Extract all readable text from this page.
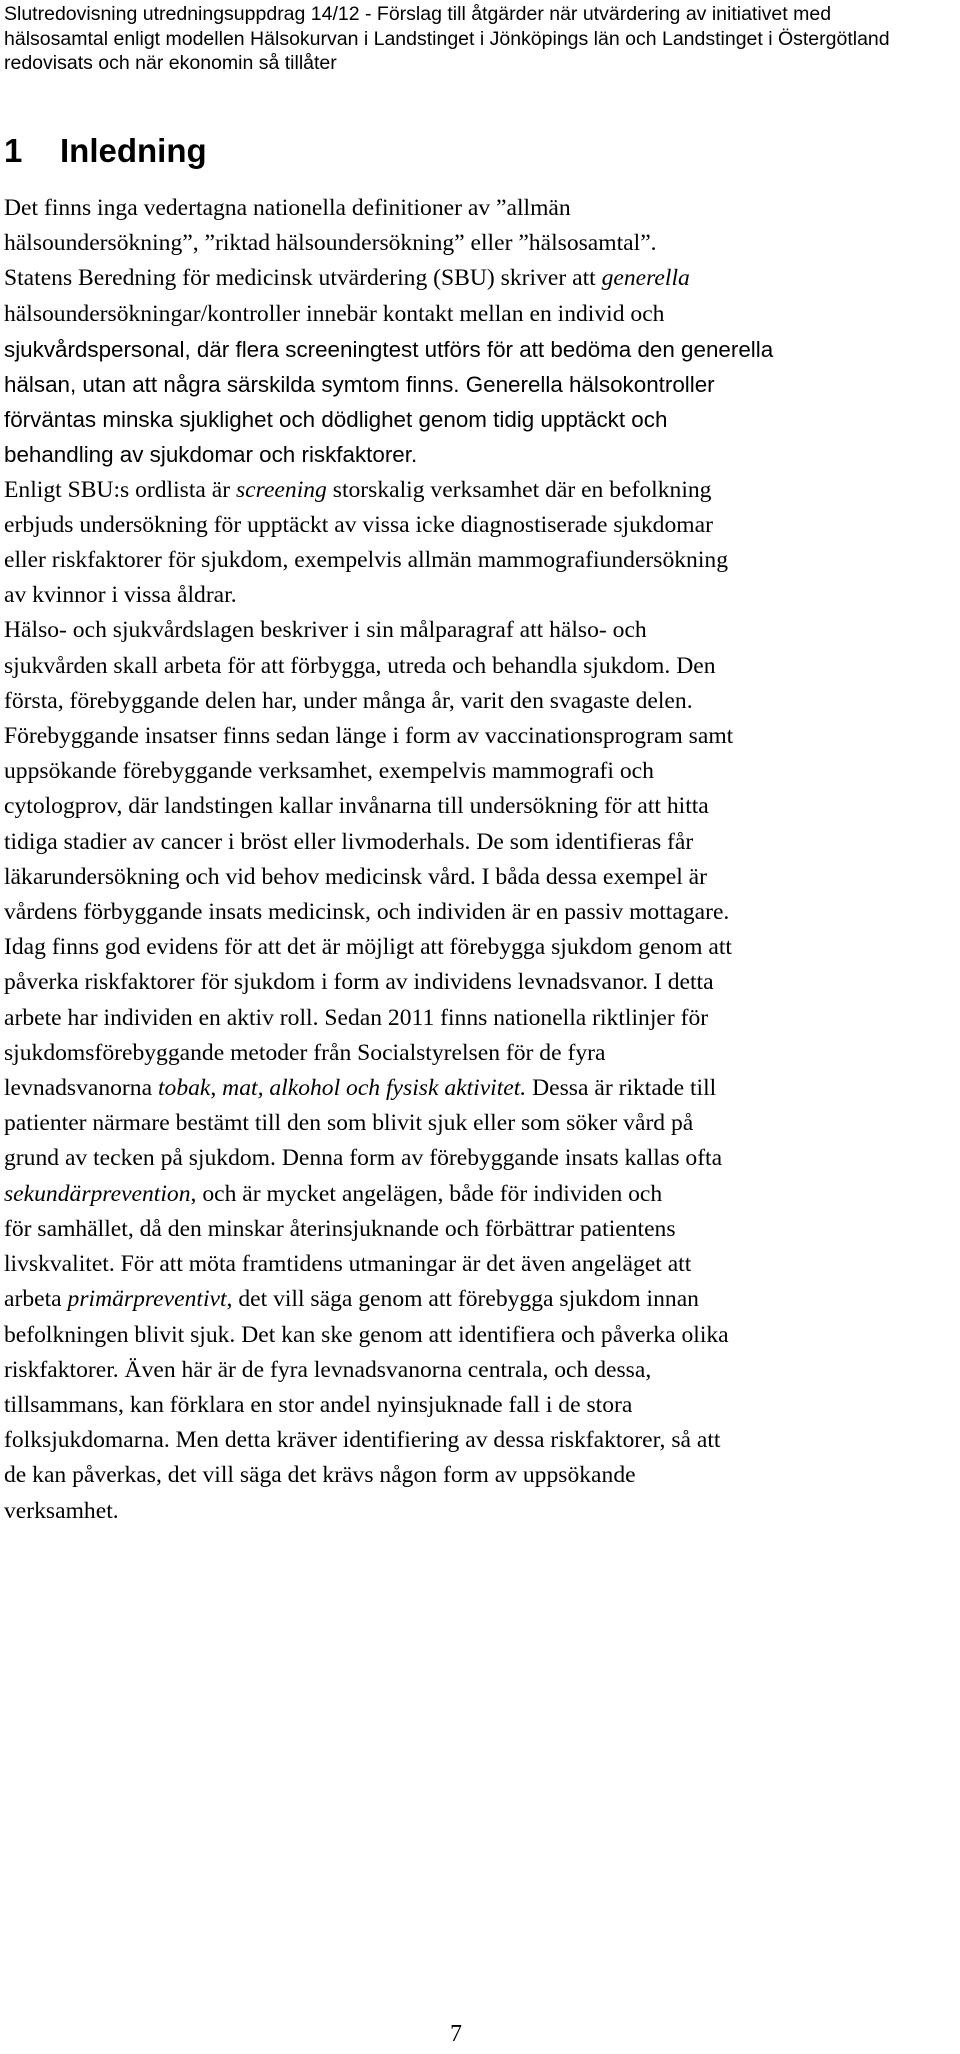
Slutredovisning utredningsuppdrag 14/12 - Förslag till åtgärder när utvärdering av initiativet med
hälsosamtal enligt modellen Hälsokurvan i Landstinget i Jönköpings län och Landstinget i Östergötland
redovisats och när ekonomin så tillåter
1 Inledning
Det finns inga vedertagna nationella definitioner av ”allmän
hälsoundersökning”, ”riktad hälsoundersökning” eller ”hälsosamtal”.
Statens Beredning för medicinsk utvärdering (SBU) skriver att generella
hälsoundersökningar/kontroller innebär kontakt mellan en individ och
sjukvårdspersonal, där flera screeningtest utförs för att bedöma den generella
hälsan, utan att några särskilda symtom finns. Generella hälsokontroller
förväntas minska sjuklighet och dödlighet genom tidig upptäckt och
behandling av sjukdomar och riskfaktorer.
Enligt SBU:s ordlista är screening storskalig verksamhet där en befolkning
erbjuds undersökning för upptäckt av vissa icke diagnostiserade sjukdomar
eller riskfaktorer för sjukdom, exempelvis allmän mammografiundersökning
av kvinnor i vissa åldrar.
Hälso- och sjukvårdslagen beskriver i sin målparagraf att hälso- och
sjukvården skall arbeta för att förbygga, utreda och behandla sjukdom. Den
första, förebyggande delen har, under många år, varit den svagaste delen.
Förebyggande insatser finns sedan länge i form av vaccinationsprogram samt
uppsökande förebyggande verksamhet, exempelvis mammografi och
cytologprov, där landstingen kallar invånarna till undersökning för att hitta
tidiga stadier av cancer i bröst eller livmoderhals. De som identifieras får
läkarundersökning och vid behov medicinsk vård. I båda dessa exempel är
vårdens förbyggande insats medicinsk, och individen är en passiv mottagare.
Idag finns god evidens för att det är möjligt att förebygga sjukdom genom att
påverka riskfaktorer för sjukdom i form av individens levnadsvanor. I detta
arbete har individen en aktiv roll. Sedan 2011 finns nationella riktlinjer för
sjukdomsförebyggande metoder från Socialstyrelsen för de fyra
levnadsvanorna tobak, mat, alkohol och fysisk aktivitet. Dessa är riktade till
patienter närmare bestämt till den som blivit sjuk eller som söker vård på
grund av tecken på sjukdom. Denna form av förebyggande insats kallas ofta
sekundärprevention, och är mycket angelägen, både för individen och
för samhället, då den minskar återinsjuknande och förbättrar patientens
livskvalitet. För att möta framtidens utmaningar är det även angeläget att
arbeta primärpreventivt, det vill säga genom att förebygga sjukdom innan
befolkningen blivit sjuk. Det kan ske genom att identifiera och påverka olika
riskfaktorer. Även här är de fyra levnadsvanorna centrala, och dessa,
tillsammans, kan förklara en stor andel nyinsjuknade fall i de stora
folksjukdomarna. Men detta kräver identifiering av dessa riskfaktorer, så att
de kan påverkas, det vill säga det krävs någon form av uppsökande
verksamhet.
7
